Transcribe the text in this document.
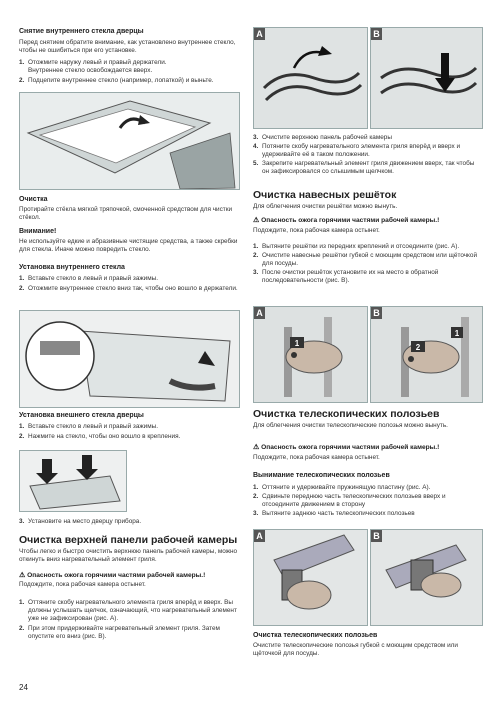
Снятие внутреннего стекла дверцы

Перед снятием обратите внимание, как установлено внутреннее стекло, чтобы не ошибиться при его установке.

1. Отожмите наружу левый и правый держатели.
Внутреннее стекло освобождается вверх.
2. Подцепите внутреннее стекло (например, лопаткой) и выньте.

Очистка

Протирайте стёкла мягкой тряпочкой, смоченной средством для чистки стёкол.

Внимание!

Не используйте едкие и абразивные чистящие средства, а также скребки для стекла. Иначе можно повредить стекло.

Установка внутреннего стекла

1. Вставьте стекло в левый и правый зажимы.
2. Отожмите внутреннее стекло вниз так, чтобы оно вошло в держатели.

Установка внешнего стекла дверцы

1. Вставьте стекло в левый и правый зажимы.
2. Нажмите на стекло, чтобы оно вошло в крепления.
3. Установите на место дверцу прибора.

Очистка верхней панели рабочей камеры

Чтобы легко и быстро очистить верхнюю панель рабочей камеры, можно откинуть вниз нагревательный элемент гриля.

⚠ Опасность ожога горячими частями рабочей камеры.!

Подождите, пока рабочая камера остынет.

1. Оттяните скобу нагревательного элемента гриля вперёд и вверх. Вы должны услышать щелчок, означающий, что нагревательный элемент уже не зафиксирован (рис. А).
2. При этом придерживайте нагревательный элемент гриля. Затем опустите его вниз (рис. В).
A	B
3. Очистите верхнюю панель рабочей камеры
4. Потяните скобу нагревательного элемента гриля вперёд и вверх и удерживайте её в таком положении.
5. Закрепите нагревательный элемент гриля движением вверх, так чтобы он зафиксировался со слышимым щелчком.

Очистка навесных решёток

Для облегчения очистки решётки можно вынуть.

⚠ Опасность ожога горячими частями рабочей камеры.!

Подождите, пока рабочая камера остынет.

1. Вытяните решётки из передних креплений и отсоедините (рис. А).
2. Очистите навесные решётки губкой с моющим средством или щёточкой для посуды.
3. После очистки решёток установите их на место в обратной последовательности (рис. В).
1
A
2
1
B

Очистка телескопических полозьев

Для облегчения очистки телескопические полозья можно вынуть.

⚠ Опасность ожога горячими частями рабочей камеры.!

Подождите, пока рабочая камера остынет.

Вынимание телескопических полозьев

1. Оттяните и удерживайте пружинящую пластину (рис. А).
2. Сдвиньте переднюю часть телескопических полозьев вверх и отсоедините движением в сторону
3. Вытяните заднюю часть телескопических полозьев
A	B

Очистка телескопических полозьев

Очистите телескопические полозья губкой с моющим средством или щёточкой для посуды.

24
